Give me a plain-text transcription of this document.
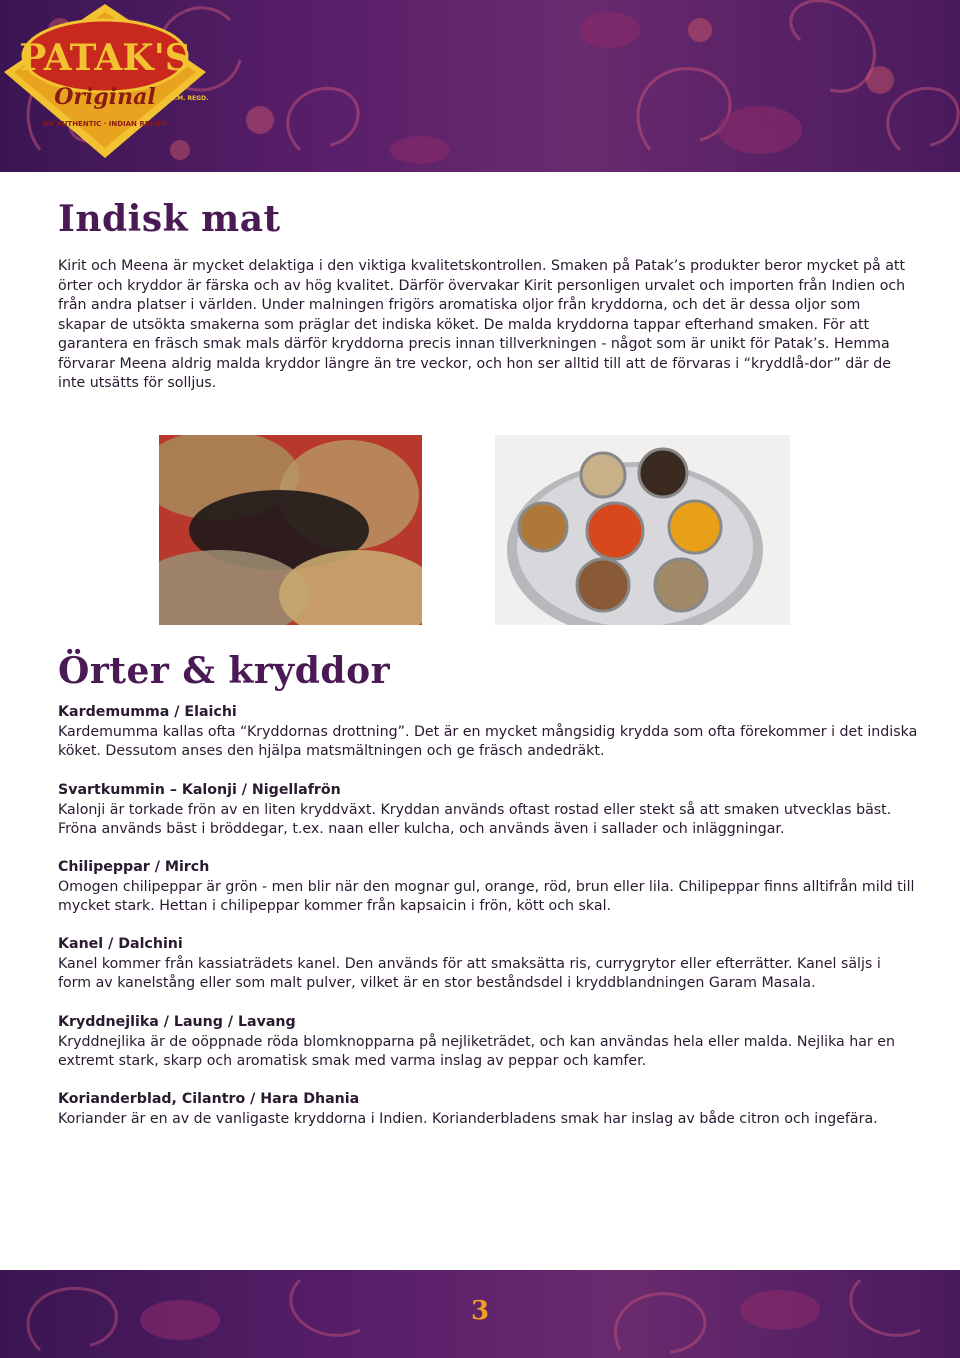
PATAK'S
Original
AN AUTHENTIC · INDIAN RECIPE
T.M. REGD.
Indisk mat

Kirit och Meena är mycket delaktiga i den viktiga kvalitetskontrollen. Smaken på Patak’s produkter beror mycket på att örter och kryddor är färska och av hög kvalitet. Därför övervakar Kirit personligen urvalet och importen från Indien och från andra platser i världen. Under malningen frigörs aromatiska oljor från kryddorna, och det är dessa oljor som skapar de utsökta smakerna som präglar det indiska köket. De malda kryddorna tappar efterhand smaken. För att garantera en fräsch smak mals därför kryddorna precis innan tillverkningen - något som är unikt för Patak’s. Hemma förvarar Meena aldrig malda kryddor längre än tre veckor, och hon ser alltid till att de förvaras i “kryddlå-dor” där de inte utsätts för solljus.

Örter & kryddor
Kardemumma / Elaichi
Kardemumma kallas ofta “Kryddornas drottning”. Det är en mycket mångsidig krydda som ofta förekommer i det indiska köket. Dessutom anses den hjälpa matsmältningen och ge fräsch andedräkt.
Svartkummin – Kalonji / Nigellafrön
Kalonji är torkade frön av en liten kryddväxt. Kryddan används oftast rostad eller stekt så att smaken utvecklas bäst. Fröna används bäst i bröddegar, t.ex. naan eller kulcha, och används även i sallader och inläggningar.
Chilipeppar / Mirch
Omogen chilipeppar är grön - men blir när den mognar gul, orange, röd, brun eller lila. Chilipeppar finns alltifrån mild till mycket stark. Hettan i chilipeppar kommer från kapsaicin i frön, kött och skal.
Kanel / Dalchini
Kanel kommer från kassiaträdets kanel. Den används för att smaksätta ris, currygrytor eller efterrätter. Kanel säljs i form av kanelstång eller som malt pulver, vilket är en stor beståndsdel i kryddblandningen Garam Masala.
Kryddnejlika / Laung / Lavang
Kryddnejlika är de oöppnade röda blomknopparna på nejliketrädet, och kan användas hela eller malda. Nejlika har en extremt stark, skarp och aromatisk smak med varma inslag av peppar och kamfer.
Korianderblad, Cilantro / Hara Dhania
Koriander är en av de vanligaste kryddorna i Indien. Korianderbladens smak har inslag av både citron och ingefära.
3
